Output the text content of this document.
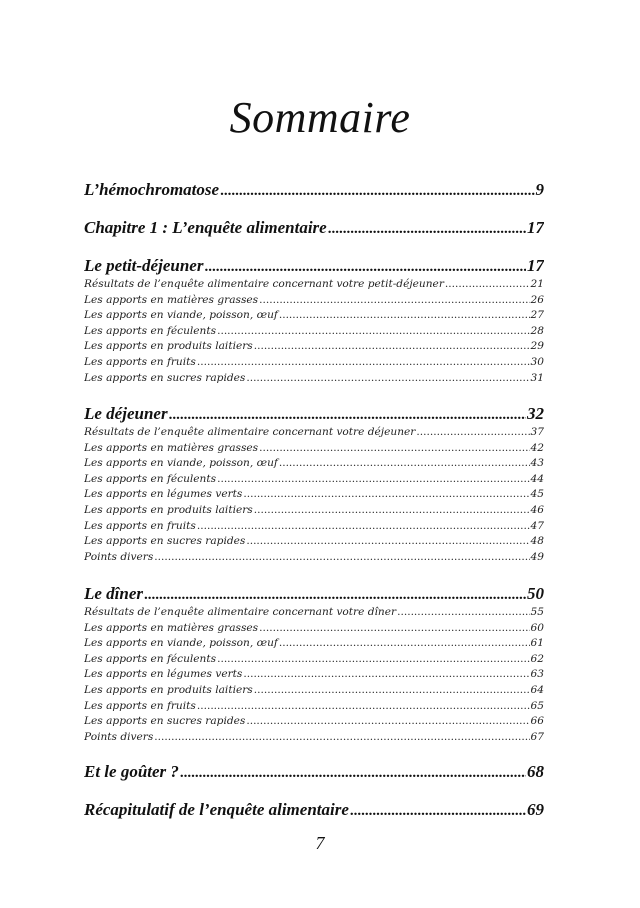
Sommaire
L’hémochromatose .....	9
Chapitre 1 : L’enquête alimentaire .....	17
Le petit-déjeuner .....	17
Résultats de l’enquête alimentaire concernant votre petit-déjeuner .....	21
Les apports en matières grasses .....	26
Les apports en viande, poisson, œuf .....	27
Les apports en féculents .....	28
Les apports en produits laitiers .....	29
Les apports en fruits .....	30
Les apports en sucres rapides .....	31
Le déjeuner .....	32
Résultats de l’enquête alimentaire concernant votre déjeuner .....	37
Les apports en matières grasses .....	42
Les apports en viande, poisson, œuf .....	43
Les apports en féculents .....	44
Les apports en légumes verts .....	45
Les apports en produits laitiers .....	46
Les apports en fruits .....	47
Les apports en sucres rapides .....	48
Points divers .....	49
Le dîner .....	50
Résultats de l’enquête alimentaire concernant votre dîner .....	55
Les apports en matières grasses .....	60
Les apports en viande, poisson, œuf .....	61
Les apports en féculents .....	62
Les apports en légumes verts .....	63
Les apports en produits laitiers .....	64
Les apports en fruits .....	65
Les apports en sucres rapides .....	66
Points divers .....	67
Et le goûter ? .....	68
Récapitulatif de l’enquête alimentaire .....	69
7
